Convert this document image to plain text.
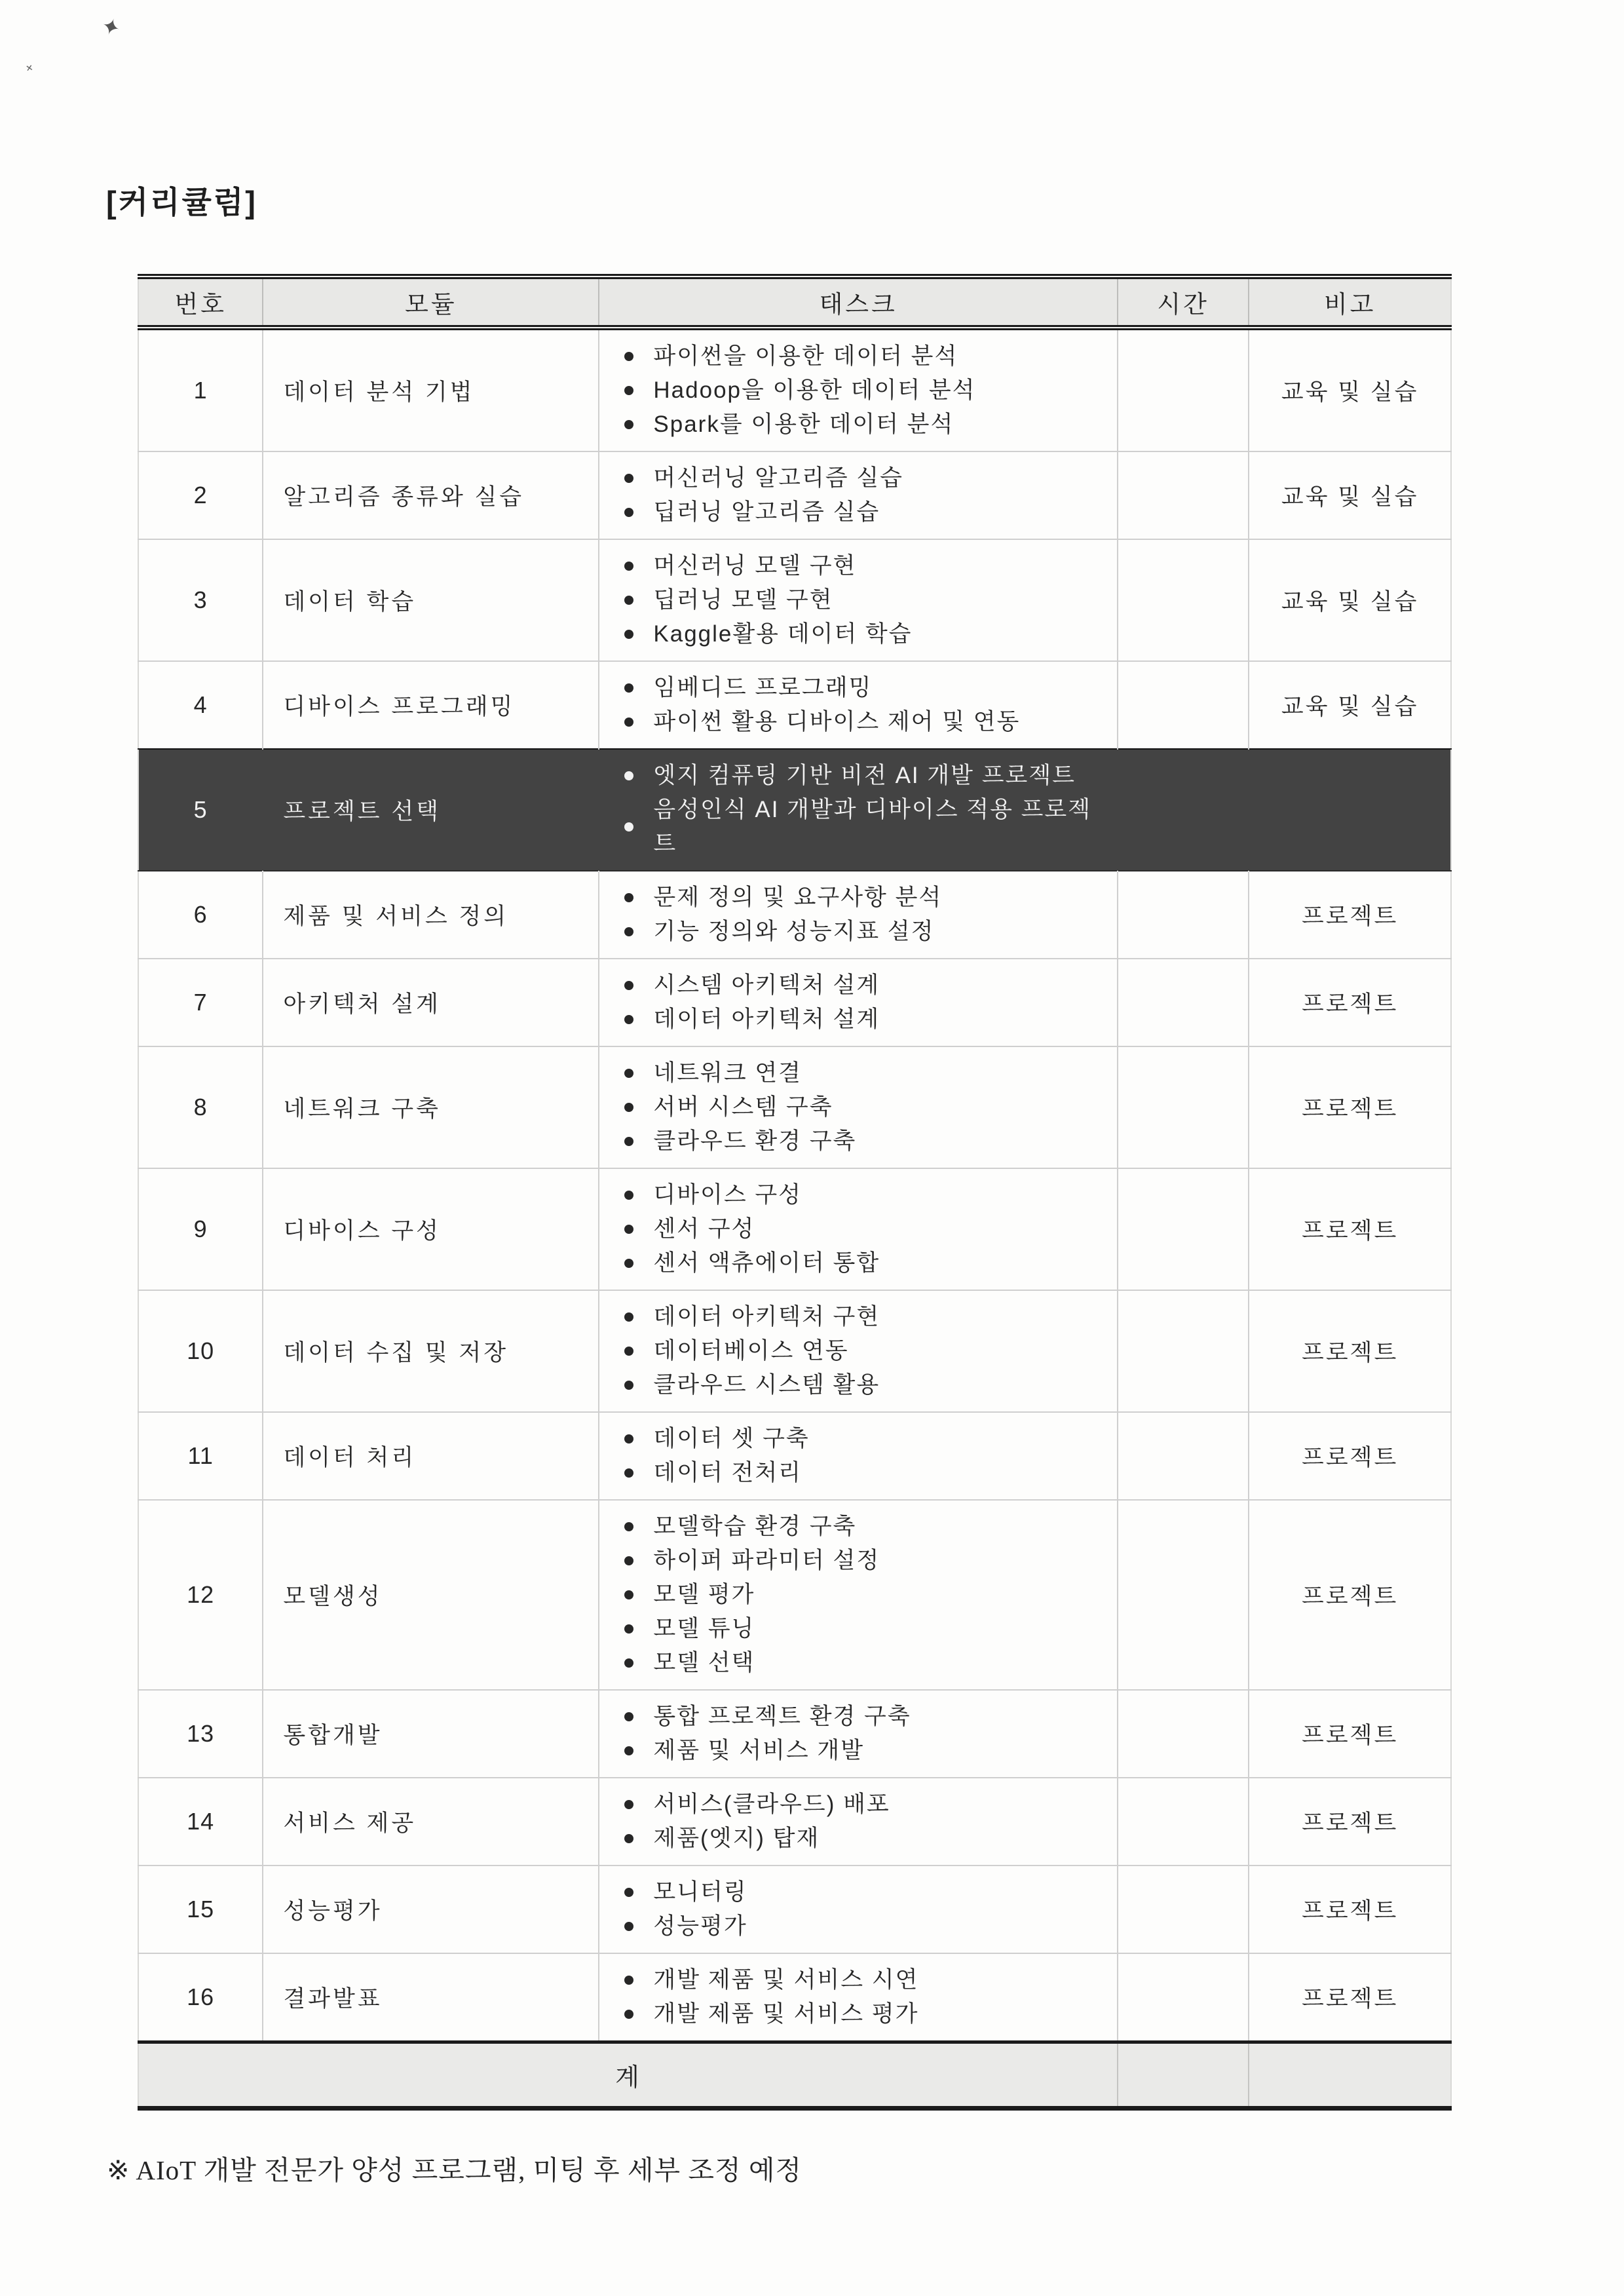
✦
˟
[커리큘럼]
번호	모듈	태스크	시간	비고
1	데이터 분석 기법	파이썬을 이용한 데이터 분석
Hadoop을 이용한 데이터 분석
Spark를 이용한 데이터 분석		교육 및 실습
2	알고리즘 종류와 실습	머신러닝 알고리즘 실습
딥러닝 알고리즘 실습		교육 및 실습
3	데이터 학습	머신러닝 모델 구현
딥러닝 모델 구현
Kaggle활용 데이터 학습		교육 및 실습
4	디바이스 프로그래밍	임베디드 프로그래밍
파이썬 활용 디바이스 제어 및 연동		교육 및 실습
5	프로젝트 선택	엣지 컴퓨팅 기반 비전 AI 개발 프로젝트
음성인식 AI 개발과 디바이스 적용 프로젝트		

6	제품 및 서비스 정의	문제 정의 및 요구사항 분석
기능 정의와 성능지표 설정		프로젝트
7	아키텍처 설계	시스템 아키텍처 설계
데이터 아키텍처 설계		프로젝트
8	네트워크 구축	네트워크 연결
서버 시스템 구축
클라우드 환경 구축		프로젝트
9	디바이스 구성	디바이스 구성
센서 구성
센서 액츄에이터 통합		프로젝트
10	데이터 수집 및 저장	데이터 아키텍처 구현
데이터베이스 연동
클라우드 시스템 활용		프로젝트
11	데이터 처리	데이터 셋 구축
데이터 전처리		프로젝트
12	모델생성	모델학습 환경 구축
하이퍼 파라미터 설정
모델 평가
모델 튜닝
모델 선택		프로젝트
13	통합개발	통합 프로젝트 환경 구축
제품 및 서비스 개발		프로젝트
14	서비스 제공	서비스(클라우드) 배포
제품(엣지) 탑재		프로젝트
15	성능평가	모니터링
성능평가		프로젝트
16	결과발표	개발 제품 및 서비스 시연
개발 제품 및 서비스 평가		프로젝트
계				
※ AIoT 개발 전문가 양성 프로그램, 미팅 후 세부 조정 예정
